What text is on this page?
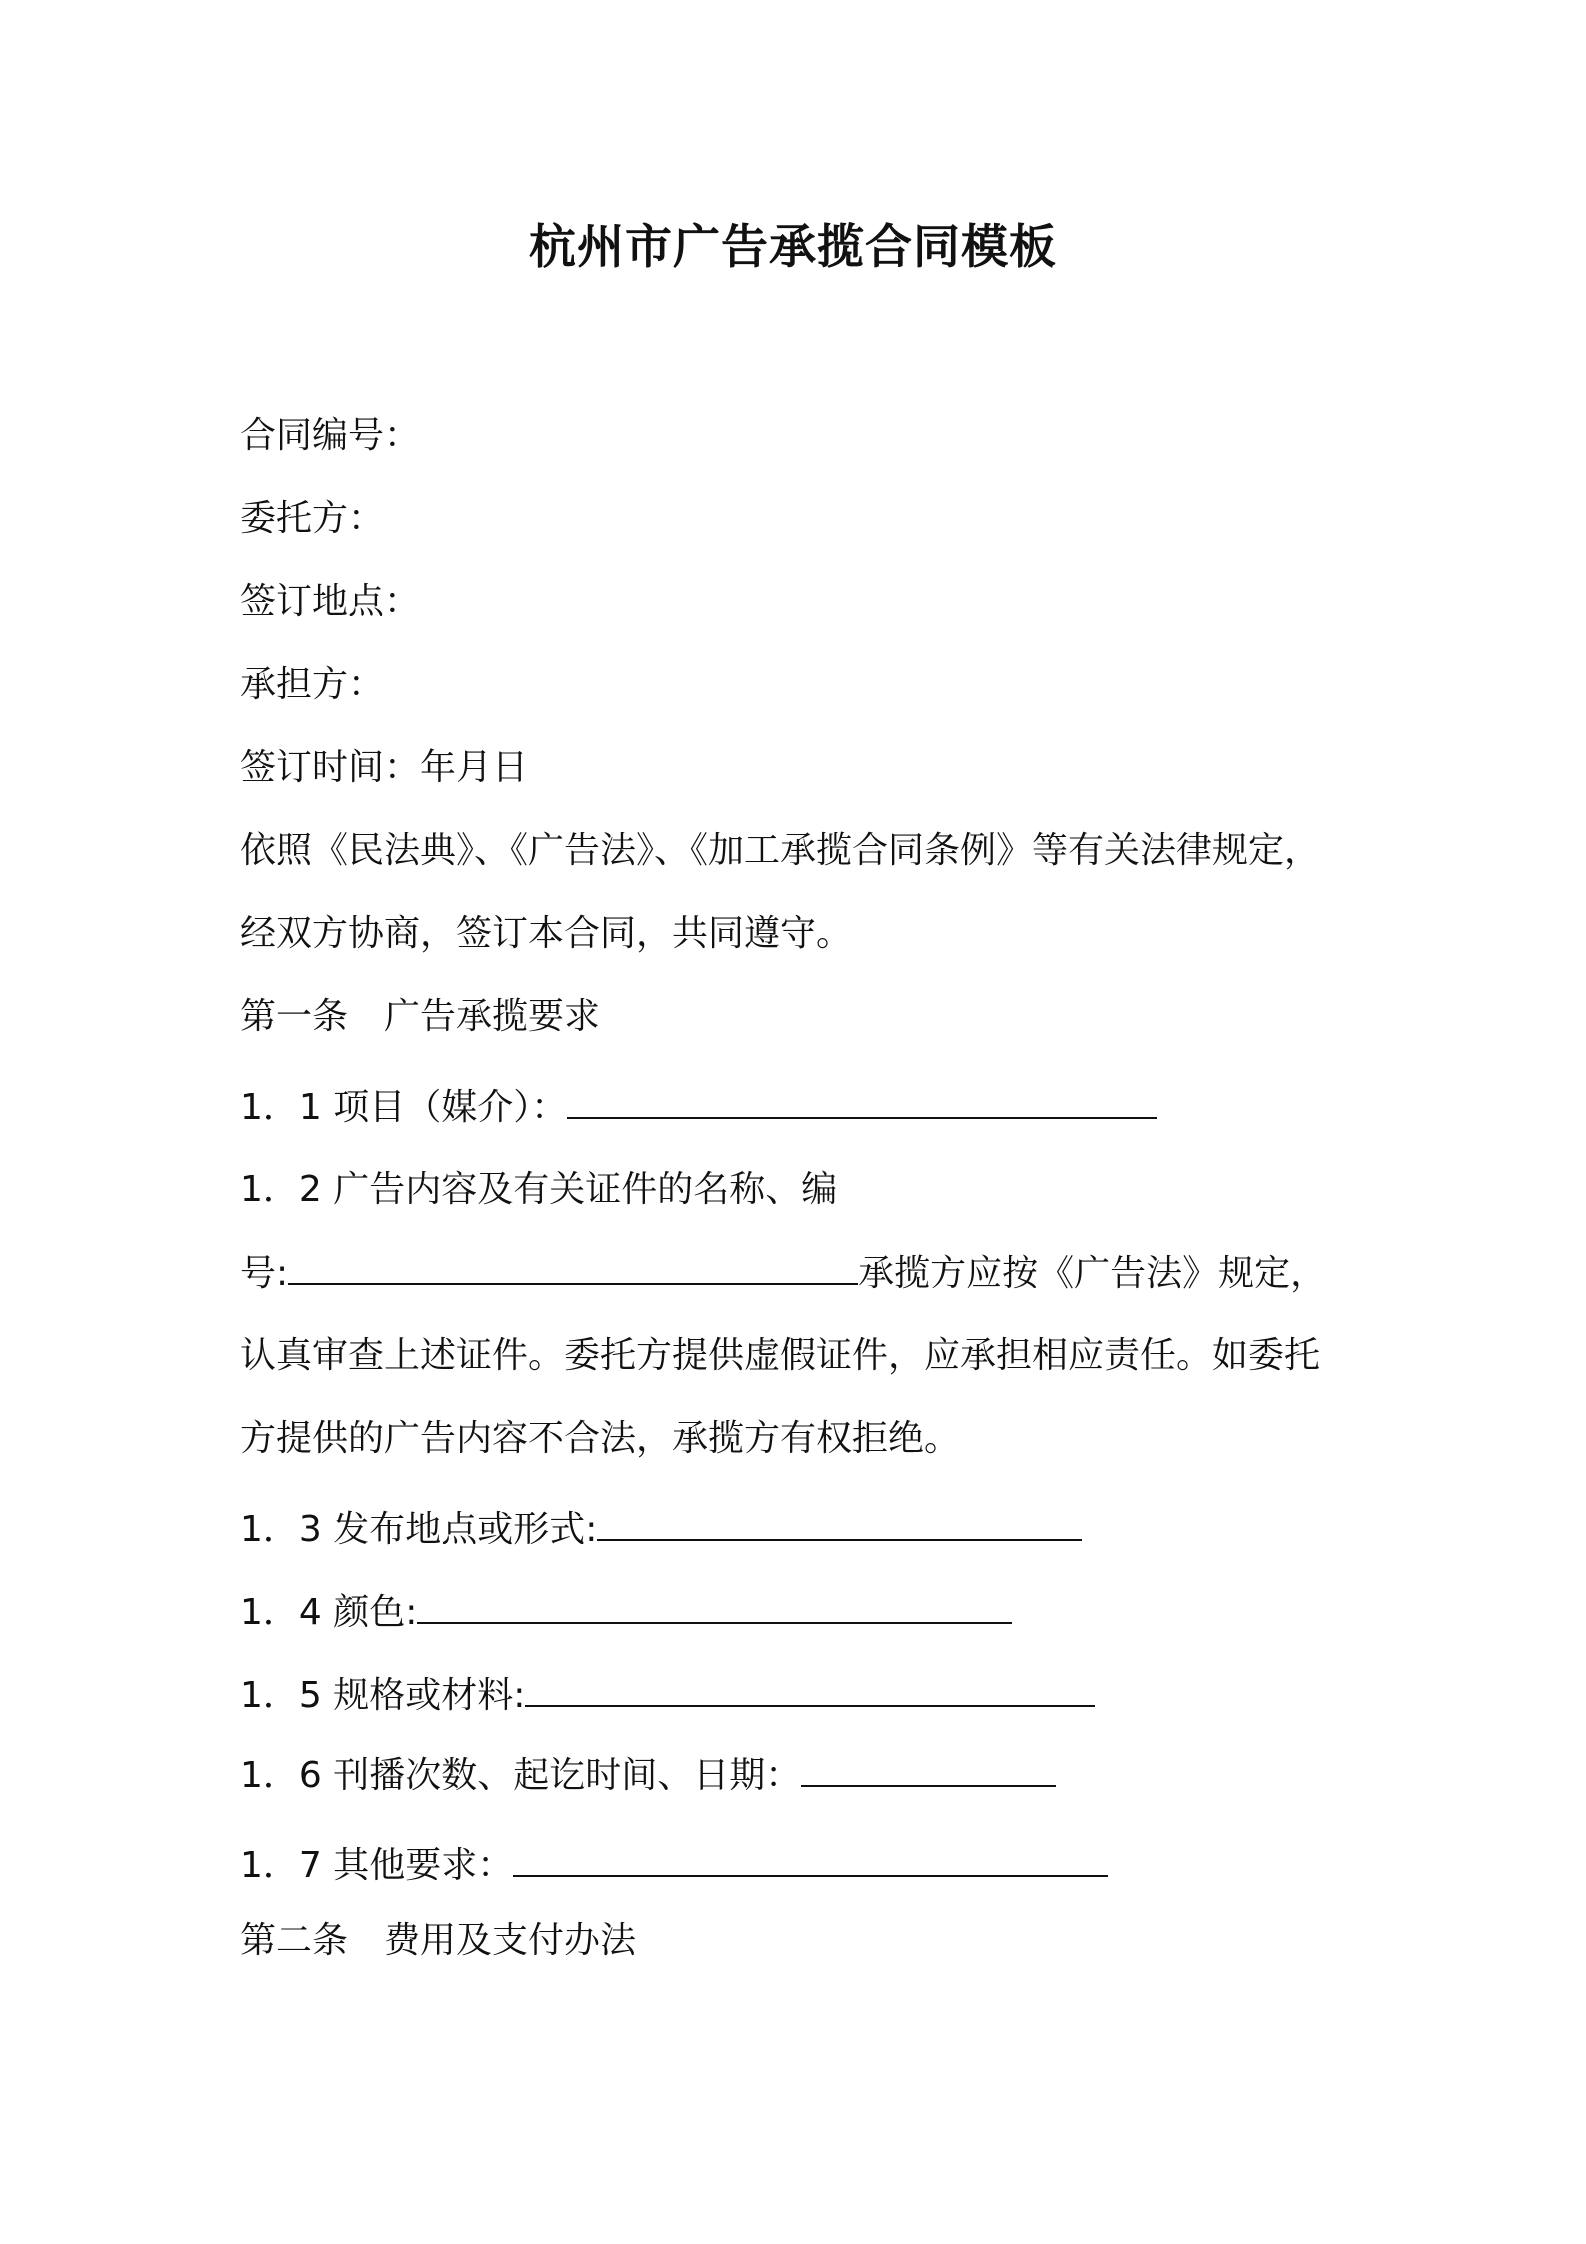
杭州市广告承揽合同模板

合同编号：

委托方：

签订地点：

承担方：

签订时间：年月日

依照《民法典》、《广告法》、《加工承揽合同条例》等有关法律规定，

经双方协商，签订本合同，共同遵守。

第一条　广告承揽要求

1．1 项目（媒介）：

1．2 广告内容及有关证件的名称、编

号:	承揽方应按《广告法》规定，

认真审查上述证件。委托方提供虚假证件，应承担相应责任。如委托

方提供的广告内容不合法，承揽方有权拒绝。

1．3 发布地点或形式:

1．4 颜色:

1．5 规格或材料:

1．6 刊播次数、起讫时间、日期：

1．7 其他要求：

第二条　费用及支付办法
